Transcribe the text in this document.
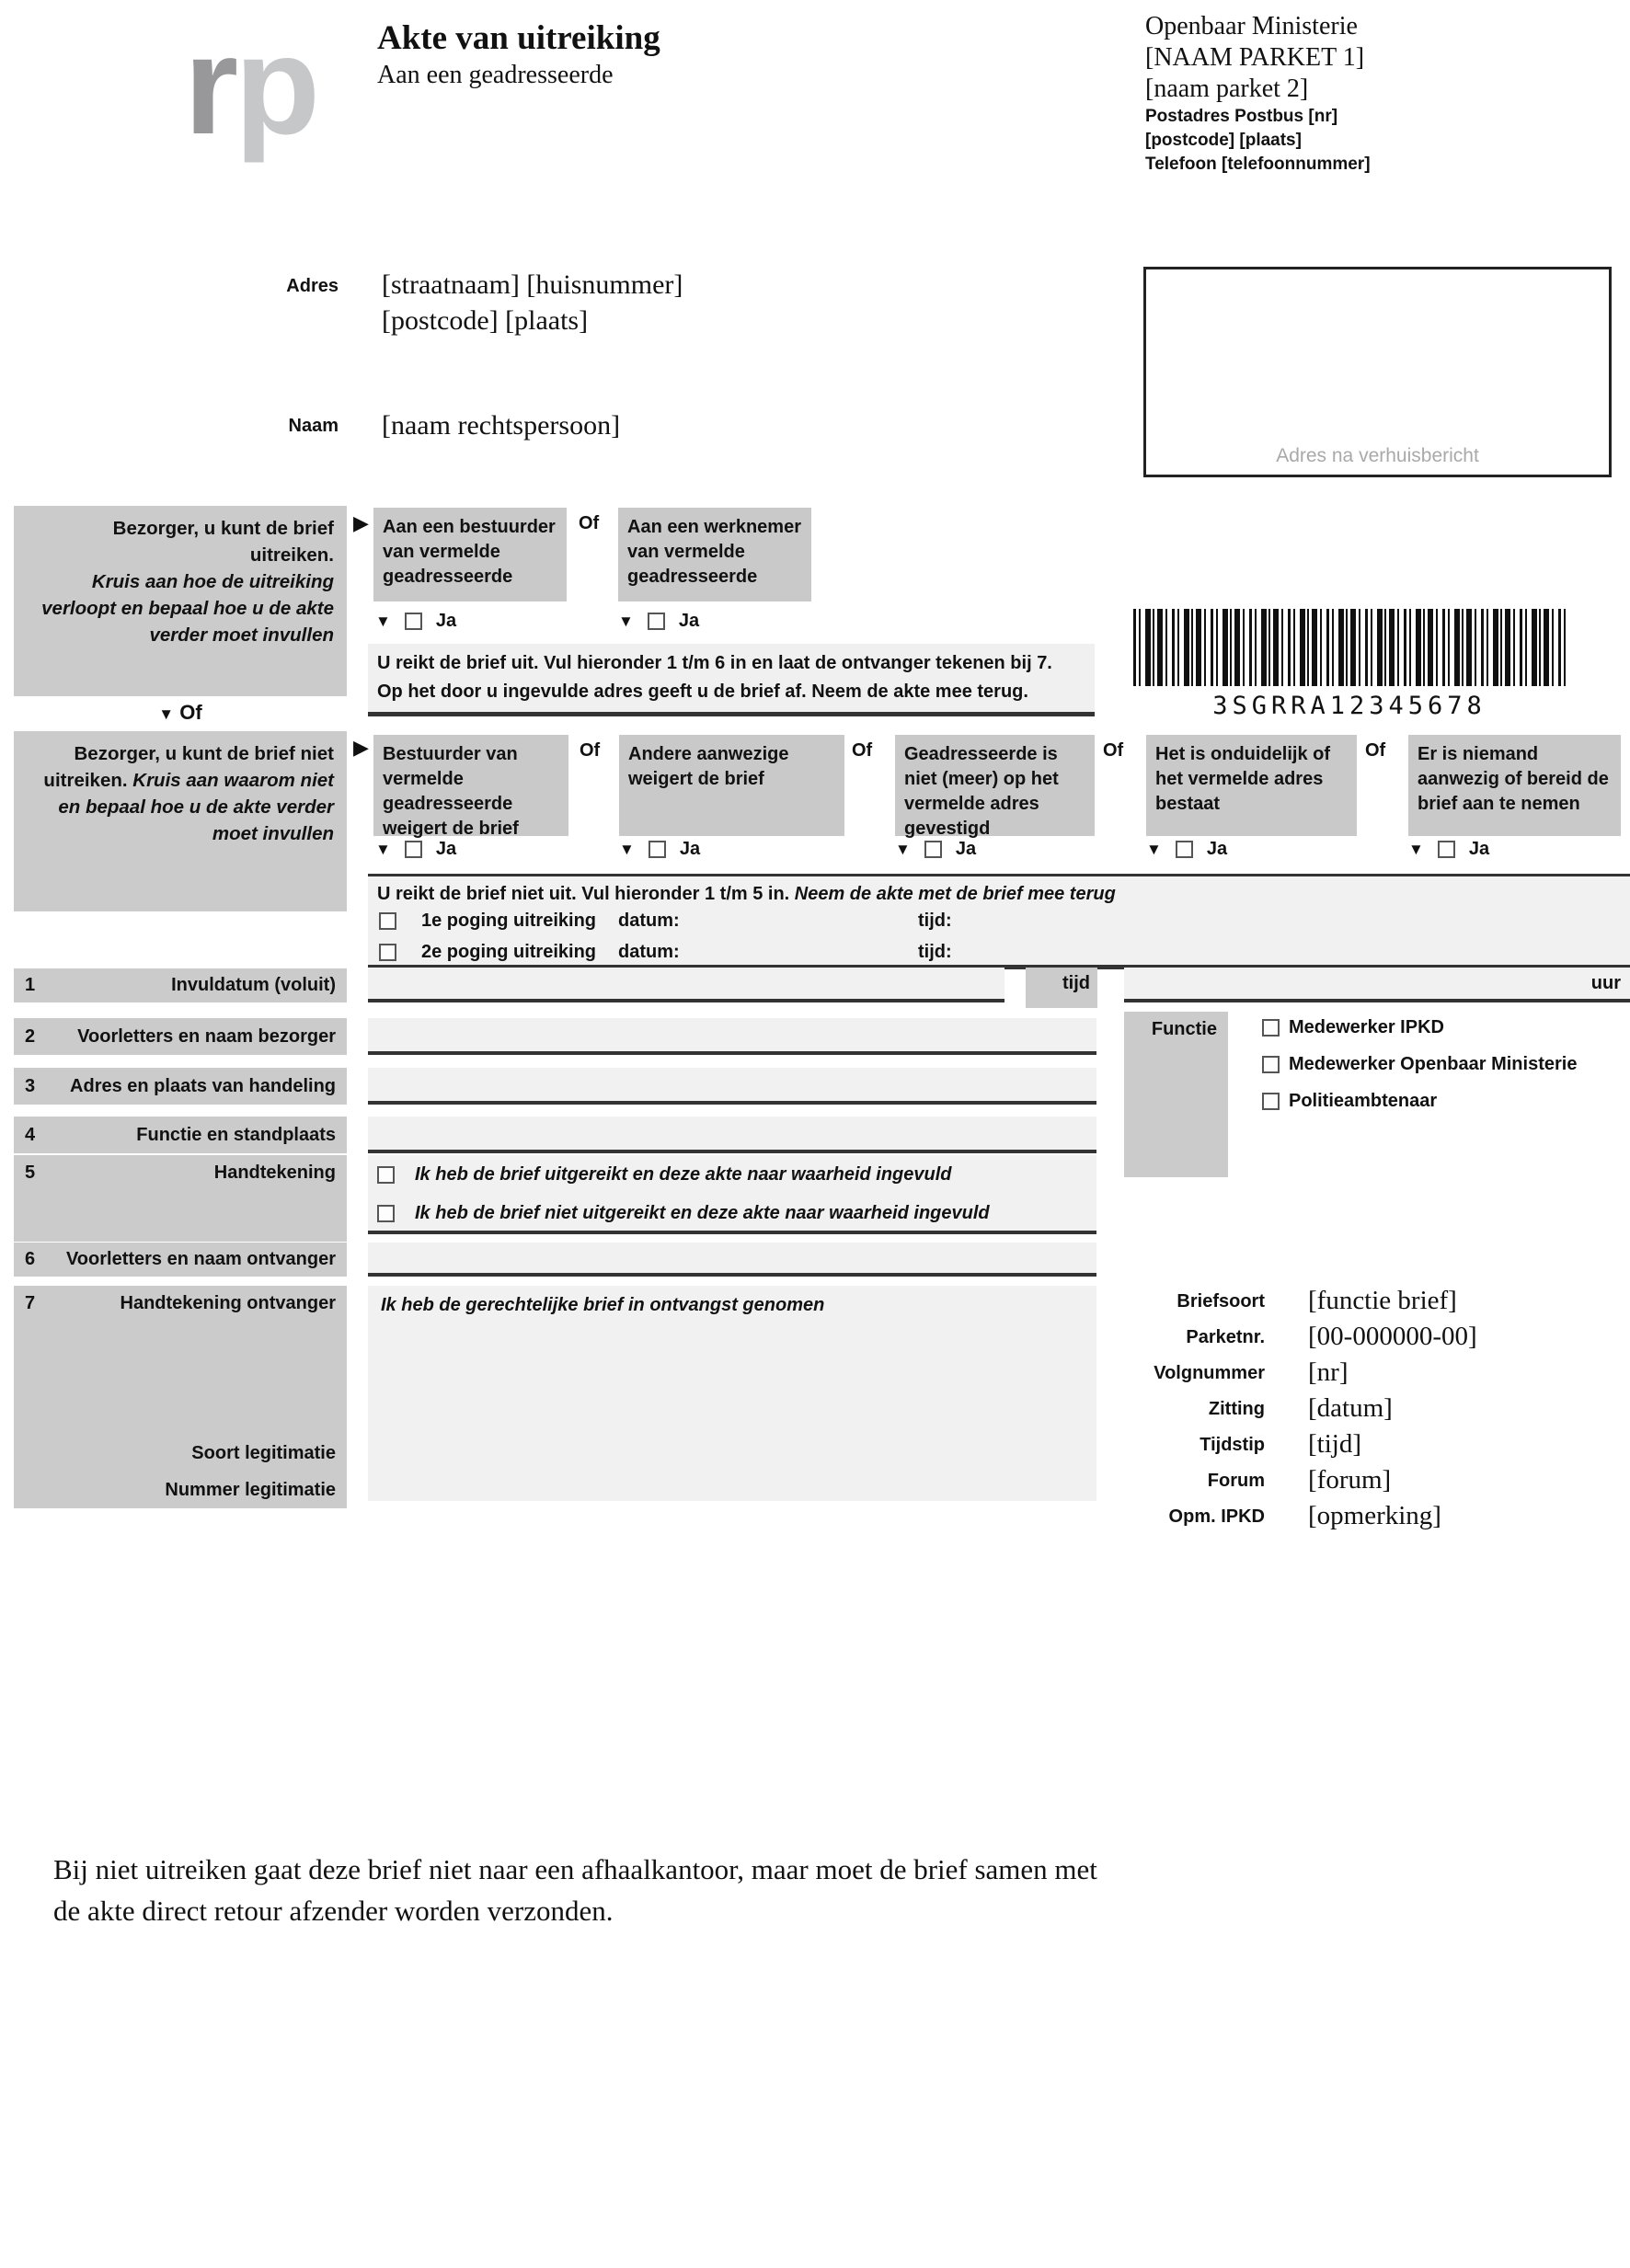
rp Akte van uitreiking
Aan een geadresseerde
Openbaar Ministerie
[NAAM PARKET 1]
[naam parket 2]
Postadres Postbus [nr]
[postcode] [plaats]
Telefoon [telefoonnummer]
Adres [straatnaam] [huisnummer]
[postcode] [plaats]
Naam [naam rechtspersoon]
Adres na verhuisbericht
Bezorger, u kunt de brief uitreiken.
Kruis aan hoe de uitreiking verloopt en bepaal hoe u de akte verder moet invullen
▶ Aan een bestuurder van vermelde geadresseerde
Of	Aan een werknemer van vermelde geadresseerde
▼ Ja	▼ Ja
U reikt de brief uit. Vul hieronder 1 t/m 6 in en laat de ontvanger tekenen bij 7.
Op het door u ingevulde adres geeft u de brief af. Neem de akte mee terug.
▼ Of	3SGRRA12345678
Bezorger, u kunt de brief niet uitreiken. Kruis aan waarom niet en bepaal hoe u de akte verder moet invullen
▶ Bestuurder van vermelde geadresseerde weigert de brief
Of	Andere aanwezige weigert de brief
Of	Geadresseerde is niet (meer) op het vermelde adres gevestigd
Of	Het is onduidelijk of het vermelde adres bestaat
Of	Er is niemand aanwezig of bereid de brief aan te nemen
▼ Ja	▼ Ja	▼ Ja	▼ Ja	▼ Ja
U reikt de brief niet uit. Vul hieronder 1 t/m 5 in. Neem de akte met de brief mee terug
1e poging uitreiking datum:	tijd:
2e poging uitreiking datum:	tijd:
1	Invuldatum (voluit)
2 Voorletters en naam bezorger
3 Adres en plaats van handeling
4	Functie en standplaats
5	Handtekening
6 Voorletters en naam ontvanger
7	Handtekening ontvanger
Soort legitimatie
Nummer legitimatie
tijd	uur
Ik heb de brief uitgereikt en deze akte naar waarheid ingevuld
Ik heb de brief niet uitgereikt en deze akte naar waarheid ingevuld
Ik heb de gerechtelijke brief in ontvangst genomen
Functie	Medewerker IPKD
Medewerker Openbaar Ministerie
Politieambtenaar
Briefsoort [functie brief]
Parketnr. [00-000000-00]
Volgnummer [nr]
Zitting [datum]
Tijdstip [tijd]
Forum [forum]
Opm. IPKD [opmerking]
Bij niet uitreiken gaat deze brief niet naar een afhaalkantoor, maar moet de brief samen met de akte direct retour afzender worden verzonden.
